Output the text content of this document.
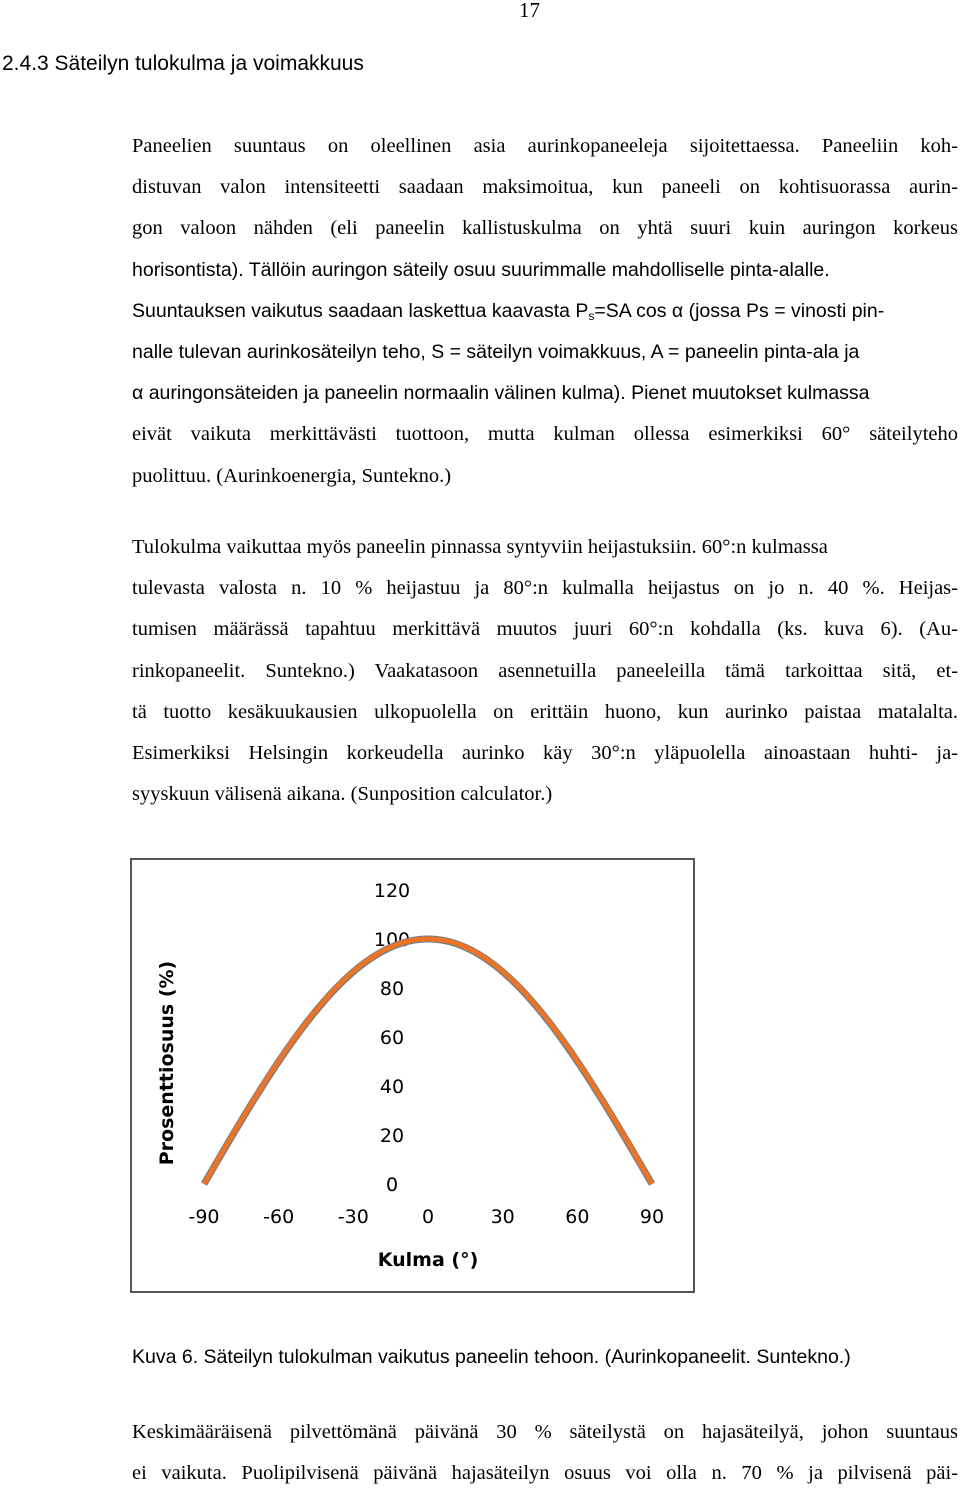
17
2.4.3 Säteilyn tulokulma ja voimakkuus
Paneelien suuntaus on oleellinen asia aurinkopaneeleja sijoitettaessa. Paneeliin koh-
distuvan valon intensiteetti saadaan maksimoitua, kun paneeli on kohtisuorassa aurin-
gon valoon nähden (eli paneelin kallistuskulma on yhtä suuri kuin auringon korkeus
horisontista). Tällöin auringon säteily osuu suurimmalle mahdolliselle pinta-alalle.
Suuntauksen vaikutus saadaan laskettua kaavasta $P_s=SA$ cos α (jossa Ps = vinosti pin-
nalle tulevan aurinkosäteilyn teho, S = säteilyn voimakkuus, A = paneelin pinta-ala ja
α auringonsäteiden ja paneelin normaalin välinen kulma). Pienet muutokset kulmassa
eivät vaikuta merkittävästi tuottoon, mutta kulman ollessa esimerkiksi 60° säteilyteho
puolittuu. (Aurinkoenergia, Suntekno.)
Tulokulma vaikuttaa myös paneelin pinnassa syntyviin heijastuksiin. 60°:n kulmassa
tulevasta valosta n. 10 % heijastuu ja 80°:n kulmalla heijastus on jo n. 40 %. Heijas-
tumisen määrässä tapahtuu merkittävä muutos juuri 60°:n kohdalla (ks. kuva 6). (Au-
rinkopaneelit. Suntekno.) Vaakatasoon asennetuilla paneeleilla tämä tarkoittaa sitä, et-
tä tuotto kesäkuukausien ulkopuolella on erittäin huono, kun aurinko paistaa matalalta.
Esimerkiksi Helsingin korkeudella aurinko käy 30°:n yläpuolella ainoastaan huhti- ja-
syyskuun välisenä aikana. (Sunposition calculator.)
Prosenttiosuus (%)
Kulma (°)
0
20
40
60
80
100
120
-90 -60 -30	0	30	60	90
Kuva 6. Säteilyn tulokulman vaikutus paneelin tehoon. (Aurinkopaneelit. Suntekno.)
Keskimääräisenä pilvettömänä päivänä 30 % säteilystä on hajasäteilyä, johon suuntaus
ei vaikuta. Puolipilvisenä päivänä hajasäteilyn osuus voi olla n. 70 % ja pilvisenä päi-
